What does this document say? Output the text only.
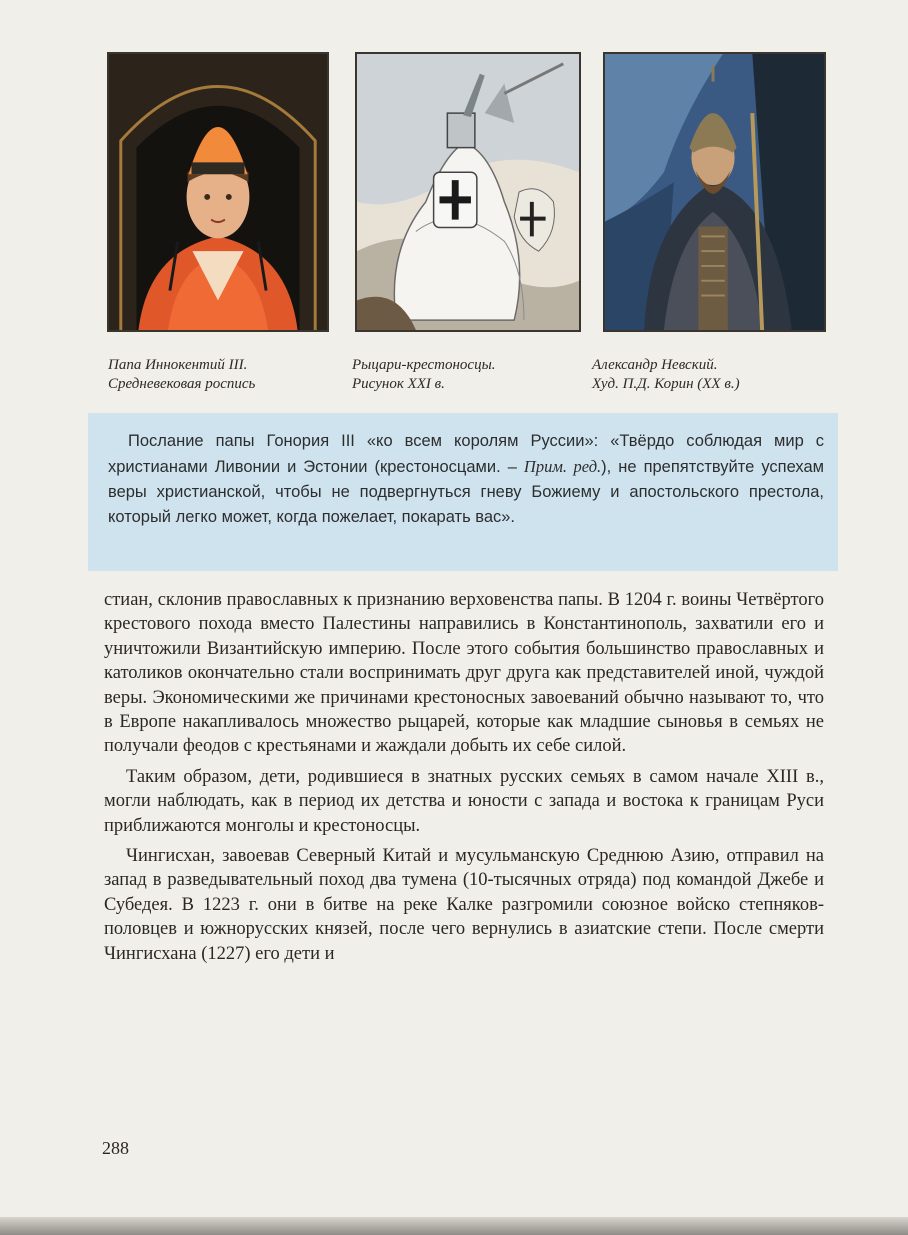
Папа Иннокентий III.
Средневековая роспись
Рыцари-крестоносцы.
Рисунок XXI в.
Александр Невский.
Худ. П.Д. Корин (XX в.)

Послание папы Гонория III «ко всем королям Руссии»: «Твёрдо соблюдая мир с христианами Ливонии и Эстонии (крестоносцами. – Прим. ред.), не препятствуйте успехам веры христианской, чтобы не подвергнуться гневу Божиему и апостольского престола, который легко может, когда пожелает, покарать вас».

стиан, склонив православных к признанию верховенства папы. В 1204 г. воины Четвёртого крестового похода вместо Палестины направились в Константинополь, захватили его и уничтожили Византийскую империю. После этого события большинство православных и католиков окончательно стали воспринимать друг друга как представителей иной, чуждой веры. Экономическими же причинами крестоносных завоеваний обычно называют то, что в Европе накапливалось множество рыцарей, которые как младшие сыновья в семьях не получали феодов с крестьянами и жаждали добыть их себе силой.

Таким образом, дети, родившиеся в знатных русских семьях в самом начале XIII в., могли наблюдать, как в период их детства и юности с запада и востока к границам Руси приближаются монголы и крестоносцы.

Чингисхан, завоевав Северный Китай и мусульманскую Среднюю Азию, отправил на запад в разведывательный поход два тумена (10-тысячных отряда) под командой Джебе и Субедея. В 1223 г. они в битве на реке Калке разгромили союзное войско степняков-половцев и южнорусских князей, после чего вернулись в азиатские степи. После смерти Чингисхана (1227) его дети и

288
